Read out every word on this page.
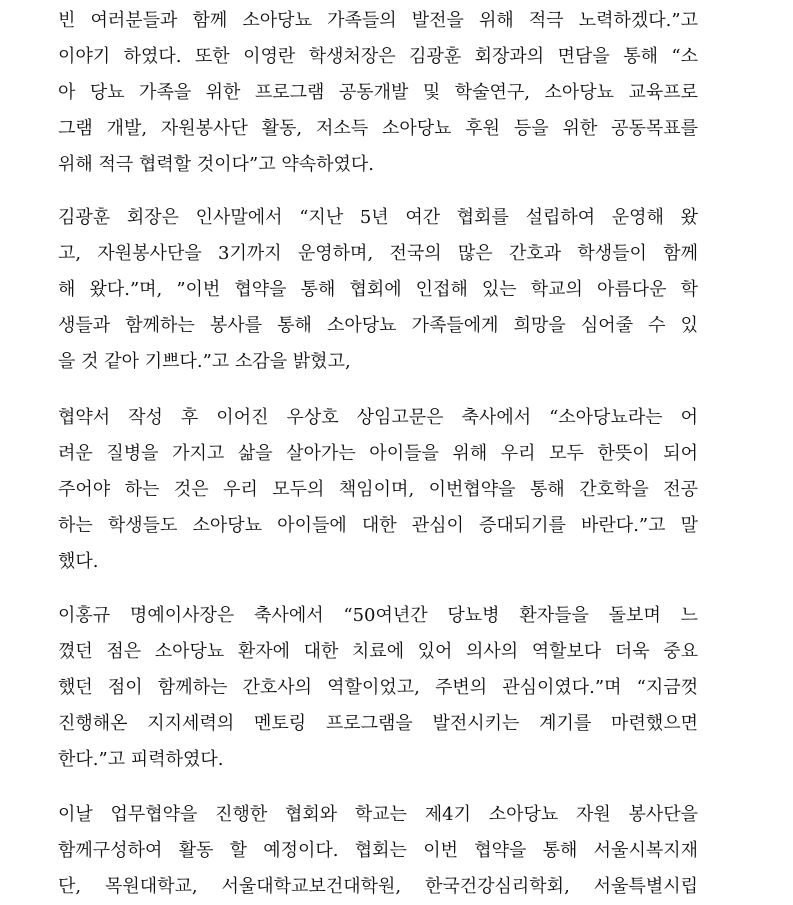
빈 여러분들과 함께 소아당뇨 가족들의 발전을 위해 적극 노력하겠다.”고
이야기 하였다. 또한 이영란 학생처장은 김광훈 회장과의 면담을 통해 “소
아 당뇨 가족을 위한 프로그램 공동개발 및 학술연구, 소아당뇨 교육프로
그램 개발, 자원봉사단 활동, 저소득 소아당뇨 후원 등을 위한 공동목표를
위해 적극 협력할 것이다”고 약속하였다.
김광훈 회장은 인사말에서 “지난 5년 여간 협회를 설립하여 운영해 왔
고, 자원봉사단을 3기까지 운영하며, 전국의 많은 간호과 학생들이 함께
해 왔다.”며, ”이번 협약을 통해 협회에 인접해 있는 학교의 아름다운 학
생들과 함께하는 봉사를 통해 소아당뇨 가족들에게 희망을 심어줄 수 있
을 것 같아 기쁘다.”고 소감을 밝혔고,
협약서 작성 후 이어진 우상호 상임고문은 축사에서 “소아당뇨라는 어
려운 질병을 가지고 삶을 살아가는 아이들을 위해 우리 모두 한뜻이 되어
주어야 하는 것은 우리 모두의 책임이며, 이번협약을 통해 간호학을 전공
하는 학생들도 소아당뇨 아이들에 대한 관심이 증대되기를 바란다.”고 말
했다.
이홍규 명예이사장은 축사에서 “50여년간 당뇨병 환자들을 돌보며 느
꼈던 점은 소아당뇨 환자에 대한 치료에 있어 의사의 역할보다 더욱 중요
했던 점이 함께하는 간호사의 역할이었고, 주변의 관심이였다.”며 “지금껏
진행해온 지지세력의 멘토링 프로그램을 발전시키는 계기를 마련했으면
한다.”고 피력하였다.
이날 업무협약을 진행한 협회와 학교는 제4기 소아당뇨 자원 봉사단을
함께구성하여 활동 할 예정이다. 협회는 이번 협약을 통해 서울시복지재
단, 목원대학교, 서울대학교보건대학원, 한국건강심리학회, 서울특별시립
